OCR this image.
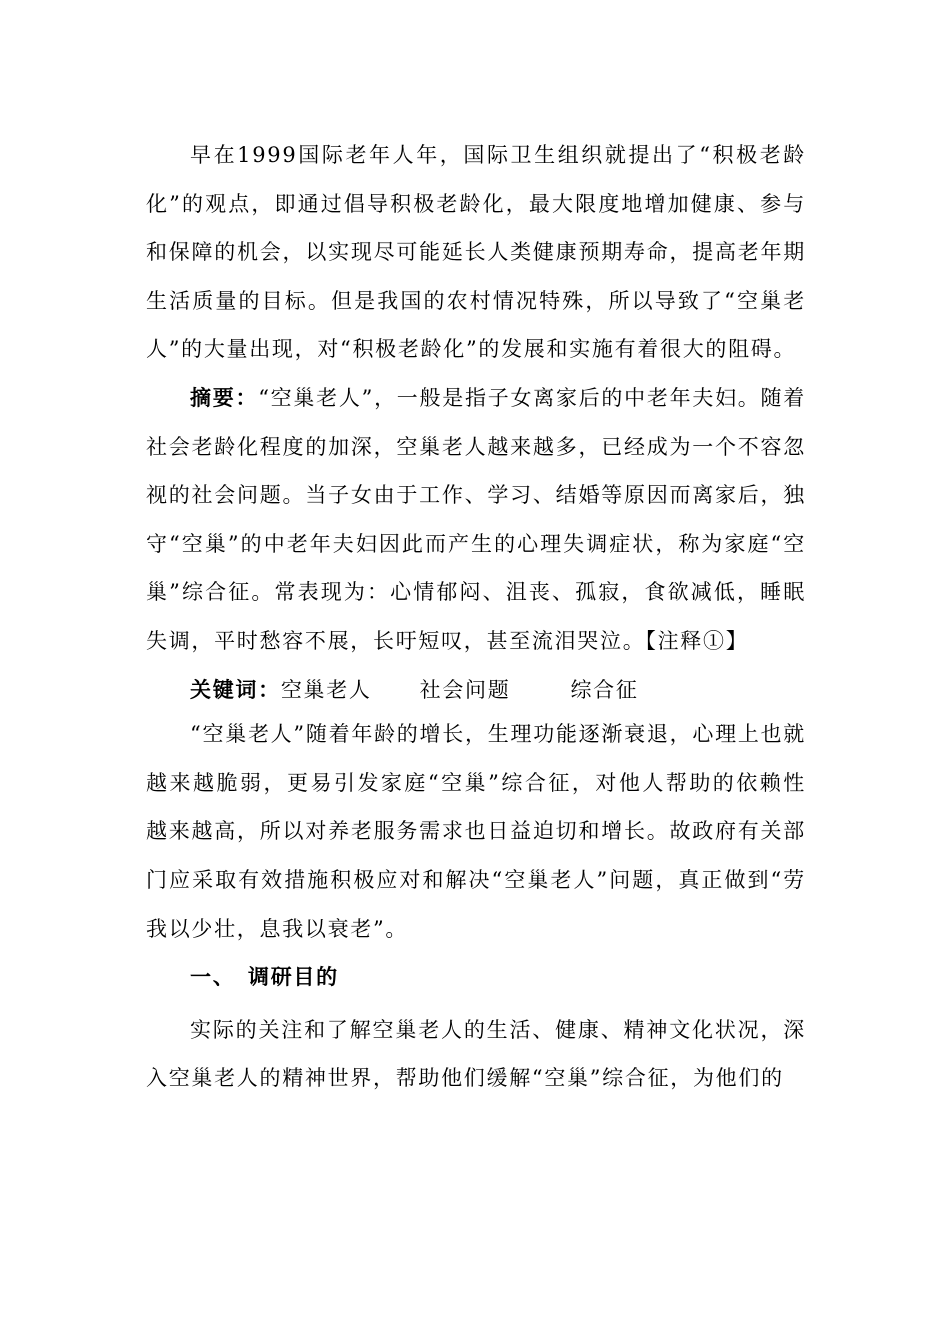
早在1999国际老年人年，国际卫生组织就提出了“积极老龄化”的观点，即通过倡导积极老龄化，最大限度地增加健康、参与和保障的机会，以实现尽可能延长人类健康预期寿命，提高老年期生活质量的目标。但是我国的农村情况特殊，所以导致了“空巢老人”的大量出现，对“积极老龄化”的发展和实施有着很大的阻碍。

摘要：“空巢老人”，一般是指子女离家后的中老年夫妇。随着社会老龄化程度的加深，空巢老人越来越多，已经成为一个不容忽视的社会问题。当子女由于工作、学习、结婚等原因而离家后，独守“空巢”的中老年夫妇因此而产生的心理失调症状，称为家庭“空巢”综合征。常表现为：心情郁闷、沮丧、孤寂，食欲减低，睡眠失调，平时愁容不展，长吁短叹，甚至流泪哭泣。【注释①】

关键词：空巢老人 社会问题	综合征

“空巢老人”随着年龄的增长，生理功能逐渐衰退，心理上也就越来越脆弱，更易引发家庭“空巢”综合征，对他人帮助的依赖性越来越高，所以对养老服务需求也日益迫切和增长。故政府有关部门应采取有效措施积极应对和解决“空巢老人”问题，真正做到“劳我以少壮，息我以衰老”。

一、 调研目的

实际的关注和了解空巢老人的生活、健康、精神文化状况，深入空巢老人的精神世界，帮助他们缓解“空巢”综合征，为他们的
